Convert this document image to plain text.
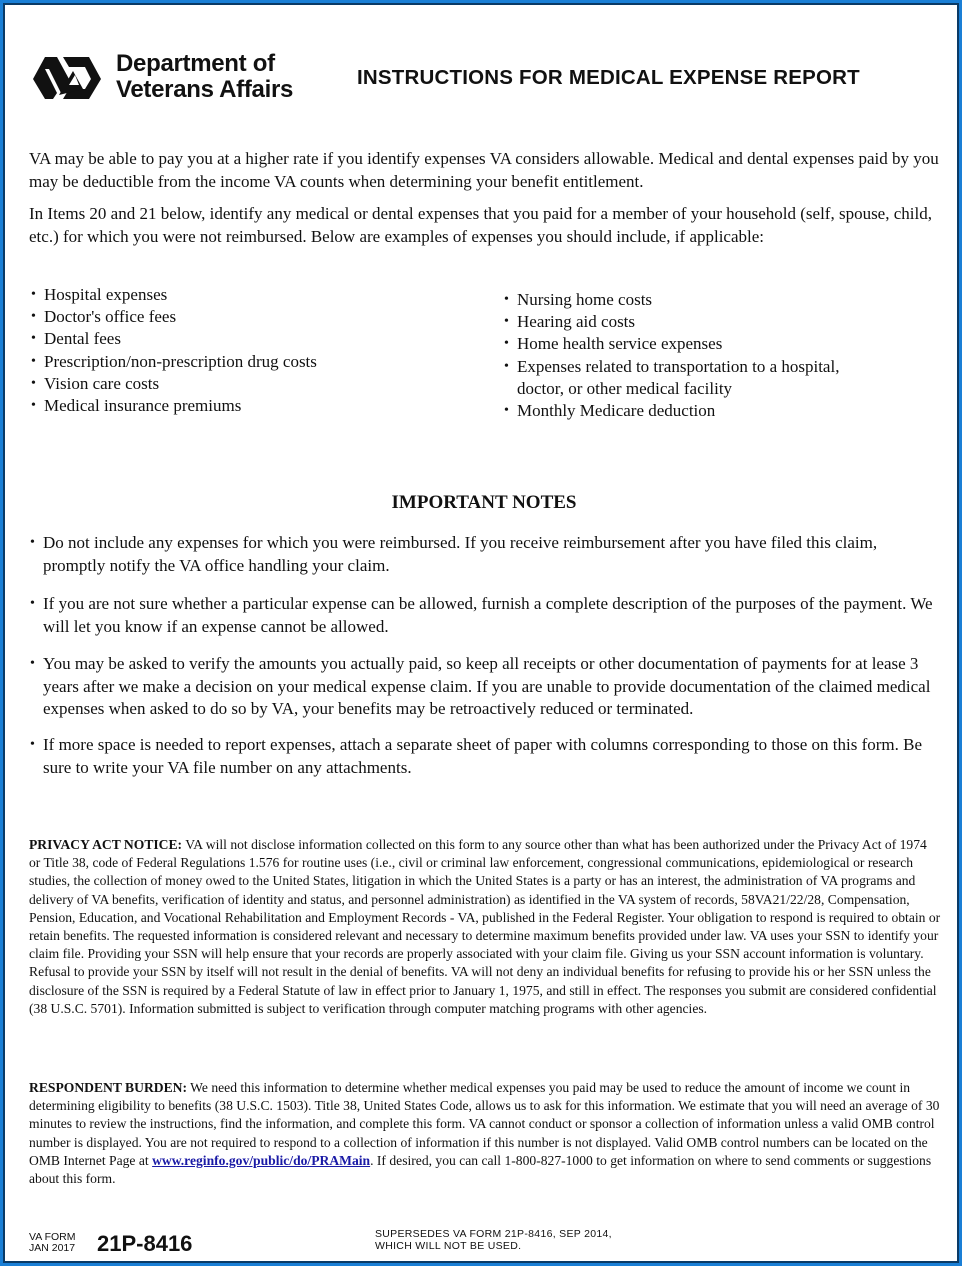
Department of
Veterans Affairs	INSTRUCTIONS FOR MEDICAL EXPENSE REPORT
VA may be able to pay you at a higher rate if you identify expenses VA considers allowable. Medical and dental expenses paid by you may be deductible from the income VA counts when determining your benefit entitlement.
In Items 20 and 21 below, identify any medical or dental expenses that you paid for a member of your household (self, spouse, child, etc.) for which you were not reimbursed. Below are examples of expenses you should include, if applicable:
• Hospital expenses
• Doctor's office fees
• Dental fees
• Prescription/non-prescription drug costs
• Vision care costs
• Medical insurance premiums
• Nursing home costs
• Hearing aid costs
• Home health service expenses
• Expenses related to transportation to a hospital, doctor, or other medical facility
• Monthly Medicare deduction
IMPORTANT NOTES
• Do not include any expenses for which you were reimbursed. If you receive reimbursement after you have filed this claim, promptly notify the VA office handling your claim.
• If you are not sure whether a particular expense can be allowed, furnish a complete description of the purposes of the payment. We will let you know if an expense cannot be allowed.
• You may be asked to verify the amounts you actually paid, so keep all receipts or other documentation of payments for at lease 3 years after we make a decision on your medical expense claim. If you are unable to provide documentation of the claimed medical expenses when asked to do so by VA, your benefits may be retroactively reduced or terminated.
• If more space is needed to report expenses, attach a separate sheet of paper with columns corresponding to those on this form. Be sure to write your VA file number on any attachments.
PRIVACY ACT NOTICE: VA will not disclose information collected on this form to any source other than what has been authorized under the Privacy Act of 1974 or Title 38, code of Federal Regulations 1.576 for routine uses (i.e., civil or criminal law enforcement, congressional communications, epidemiological or research studies, the collection of money owed to the United States, litigation in which the United States is a party or has an interest, the administration of VA programs and delivery of VA benefits, verification of identity and status, and personnel administration) as identified in the VA system of records, 58VA21/22/28, Compensation, Pension, Education, and Vocational Rehabilitation and Employment Records - VA, published in the Federal Register. Your obligation to respond is required to obtain or retain benefits. The requested information is considered relevant and necessary to determine maximum benefits provided under law. VA uses your SSN to identify your claim file. Providing your SSN will help ensure that your records are properly associated with your claim file. Giving us your SSN account information is voluntary. Refusal to provide your SSN by itself will not result in the denial of benefits. VA will not deny an individual benefits for refusing to provide his or her SSN unless the disclosure of the SSN is required by a Federal Statute of law in effect prior to January 1, 1975, and still in effect. The responses you submit are considered confidential (38 U.S.C. 5701). Information submitted is subject to verification through computer matching programs with other agencies.
RESPONDENT BURDEN: We need this information to determine whether medical expenses you paid may be used to reduce the amount of income we count in determining eligibility to benefits (38 U.S.C. 1503). Title 38, United States Code, allows us to ask for this information. We estimate that you will need an average of 30 minutes to review the instructions, find the information, and complete this form. VA cannot conduct or sponsor a collection of information unless a valid OMB control number is displayed. You are not required to respond to a collection of information if this number is not displayed. Valid OMB control numbers can be located on the OMB Internet Page at www.reginfo.gov/public/do/PRAMain. If desired, you can call 1-800-827-1000 to get information on where to send comments or suggestions about this form.
VA FORM
JAN 2017 21P-8416	SUPERSEDES VA FORM 21P-8416, SEP 2014,
WHICH WILL NOT BE USED.
